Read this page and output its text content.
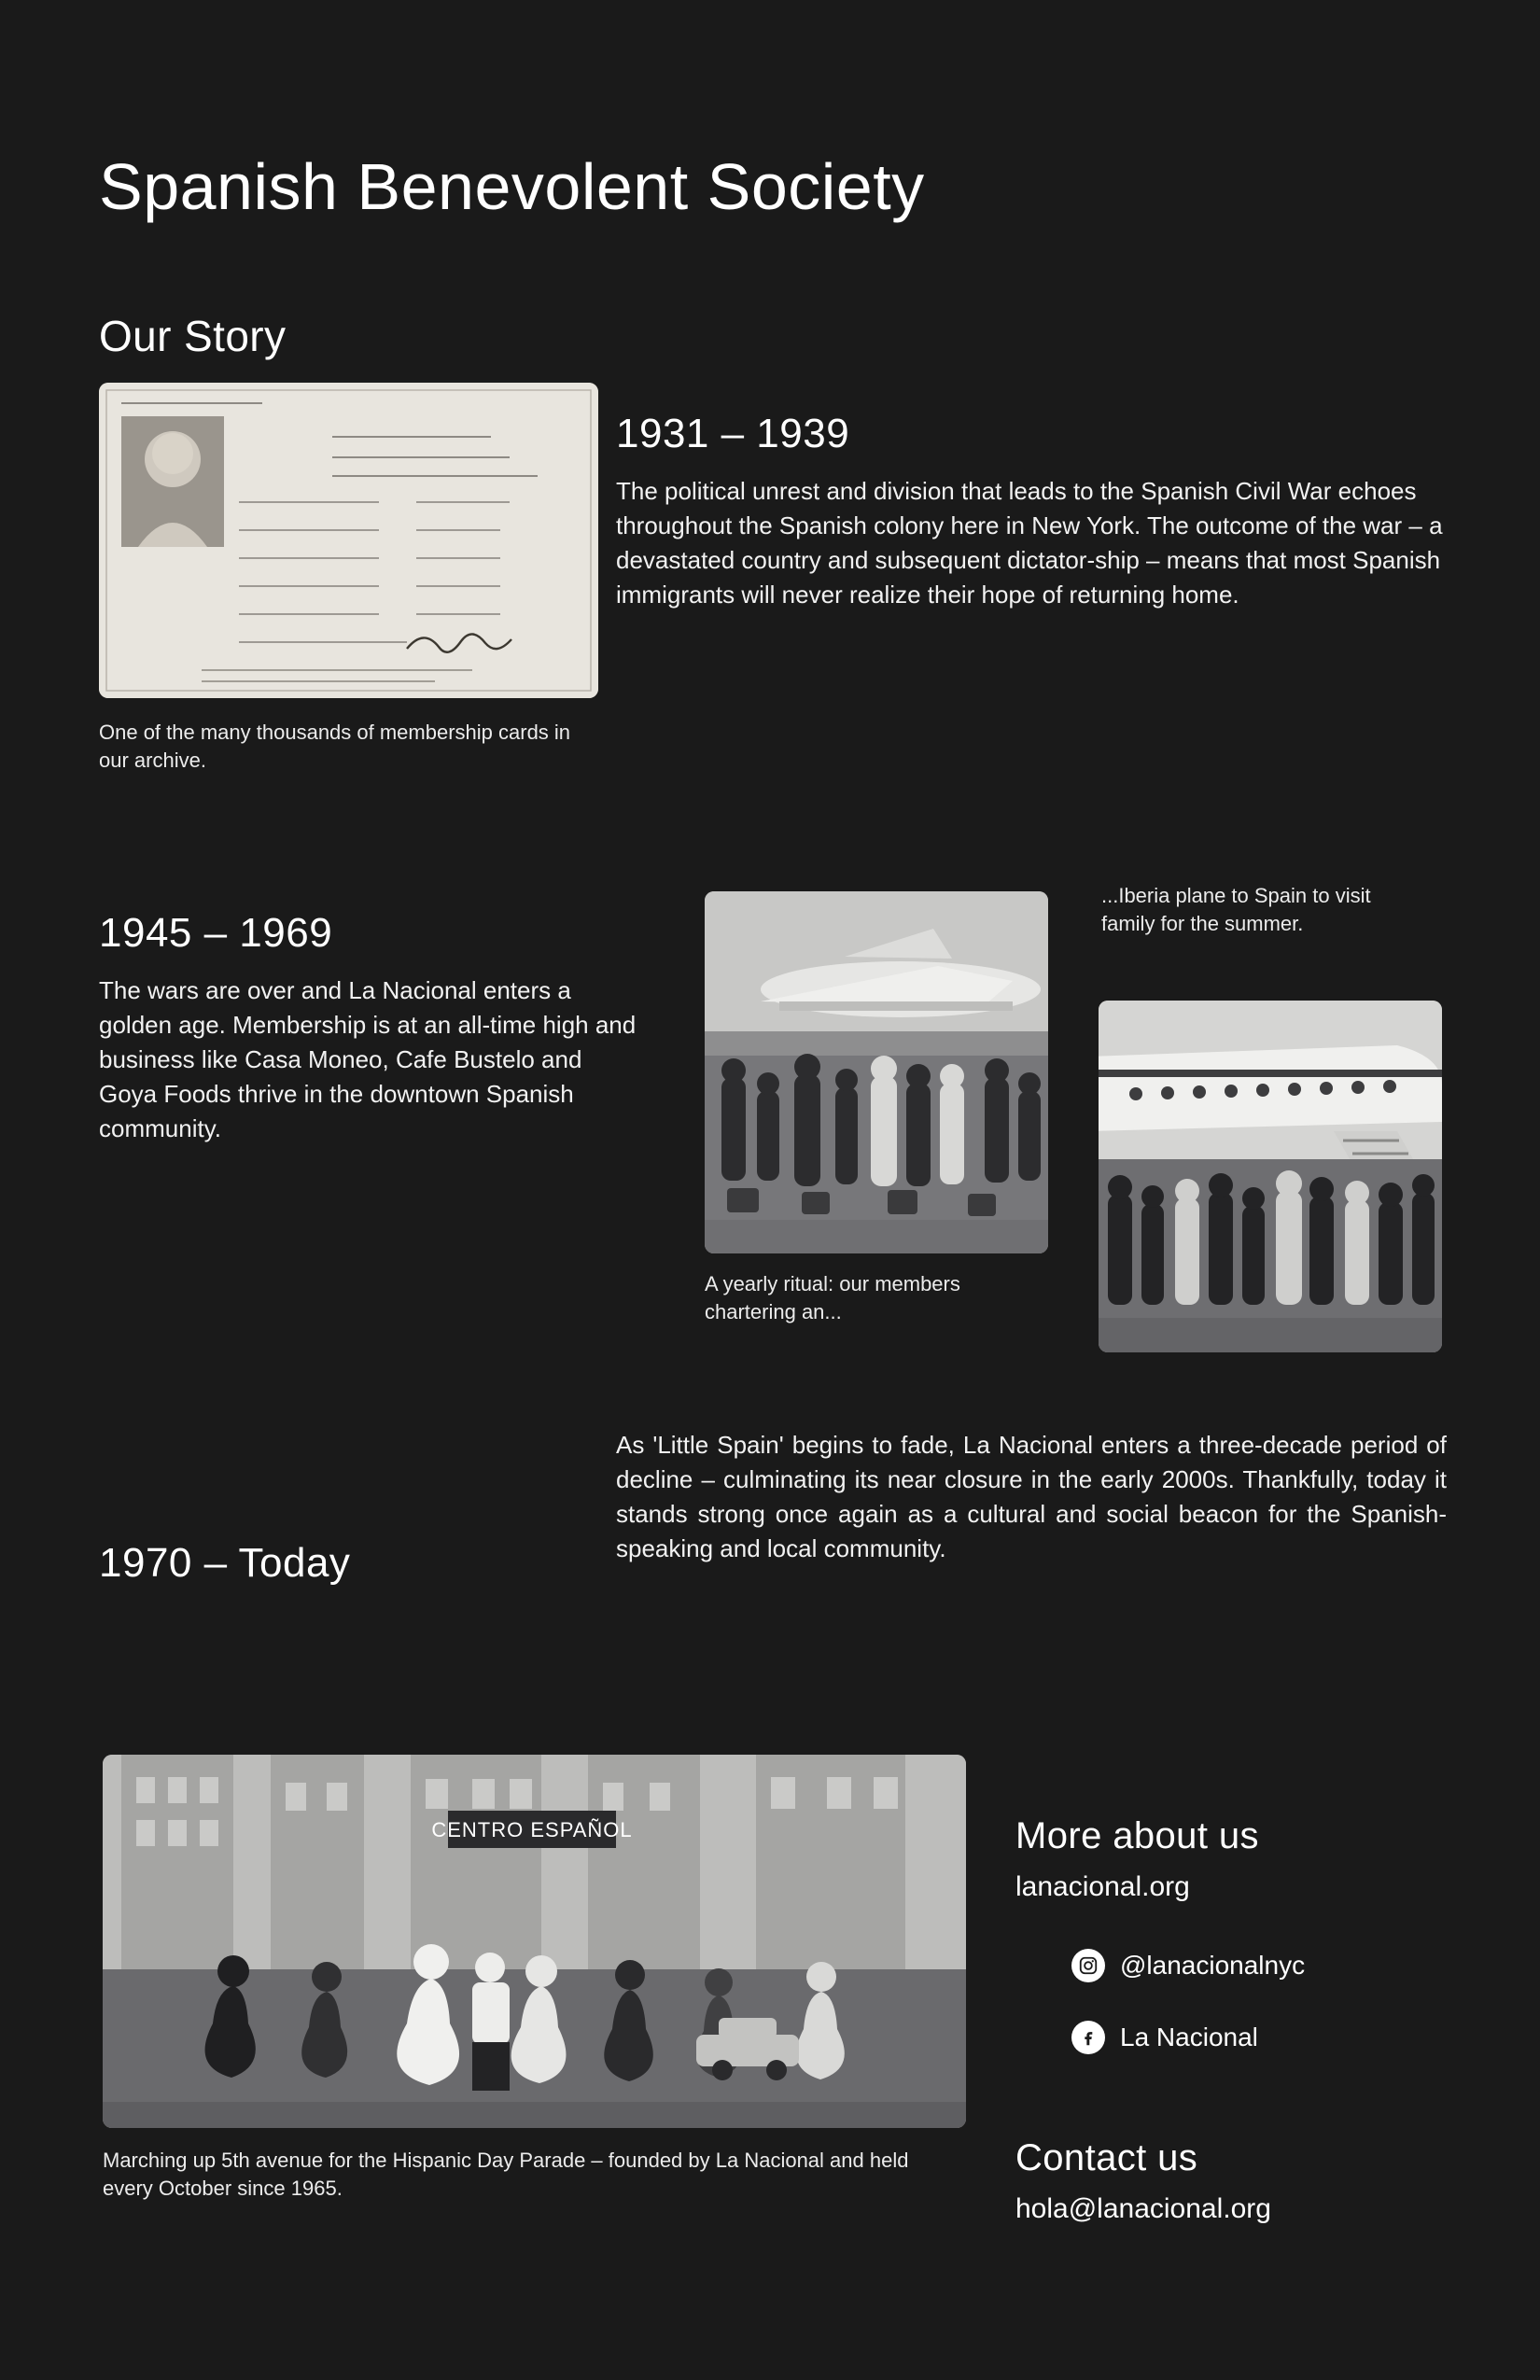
Spanish Benevolent Society
Our Story

One of the many thousands of membership cards in our archive.

1931 – 1939

The political unrest and division that leads to the Spanish Civil War echoes throughout the Spanish colony here in New York. The outcome of the war – a devastated country and subsequent dictator-ship – means that most Spanish immigrants will never realize their hope of returning home.

1945 – 1969

The wars are over and La Nacional enters a golden age. Membership is at an all-time high and business like Casa Moneo, Cafe Bustelo and Goya Foods thrive in the downtown Spanish community.

A yearly ritual: our members chartering an...

...Iberia plane to Spain to visit family for the summer.

1970 – Today

As 'Little Spain' begins to fade, La Nacional enters a three-decade period of decline – culminating its near closure in the early 2000s. Thankfully, today it stands strong once again as a cultural and social beacon for the Spanish-speaking and local community.

CENTRO ESPAÑOL

Marching up 5th avenue for the Hispanic Day Parade – founded by La Nacional and held every October since 1965.

More about us
lanacional.org
@lanacionalnyc
La Nacional
Contact us
hola@lanacional.org
